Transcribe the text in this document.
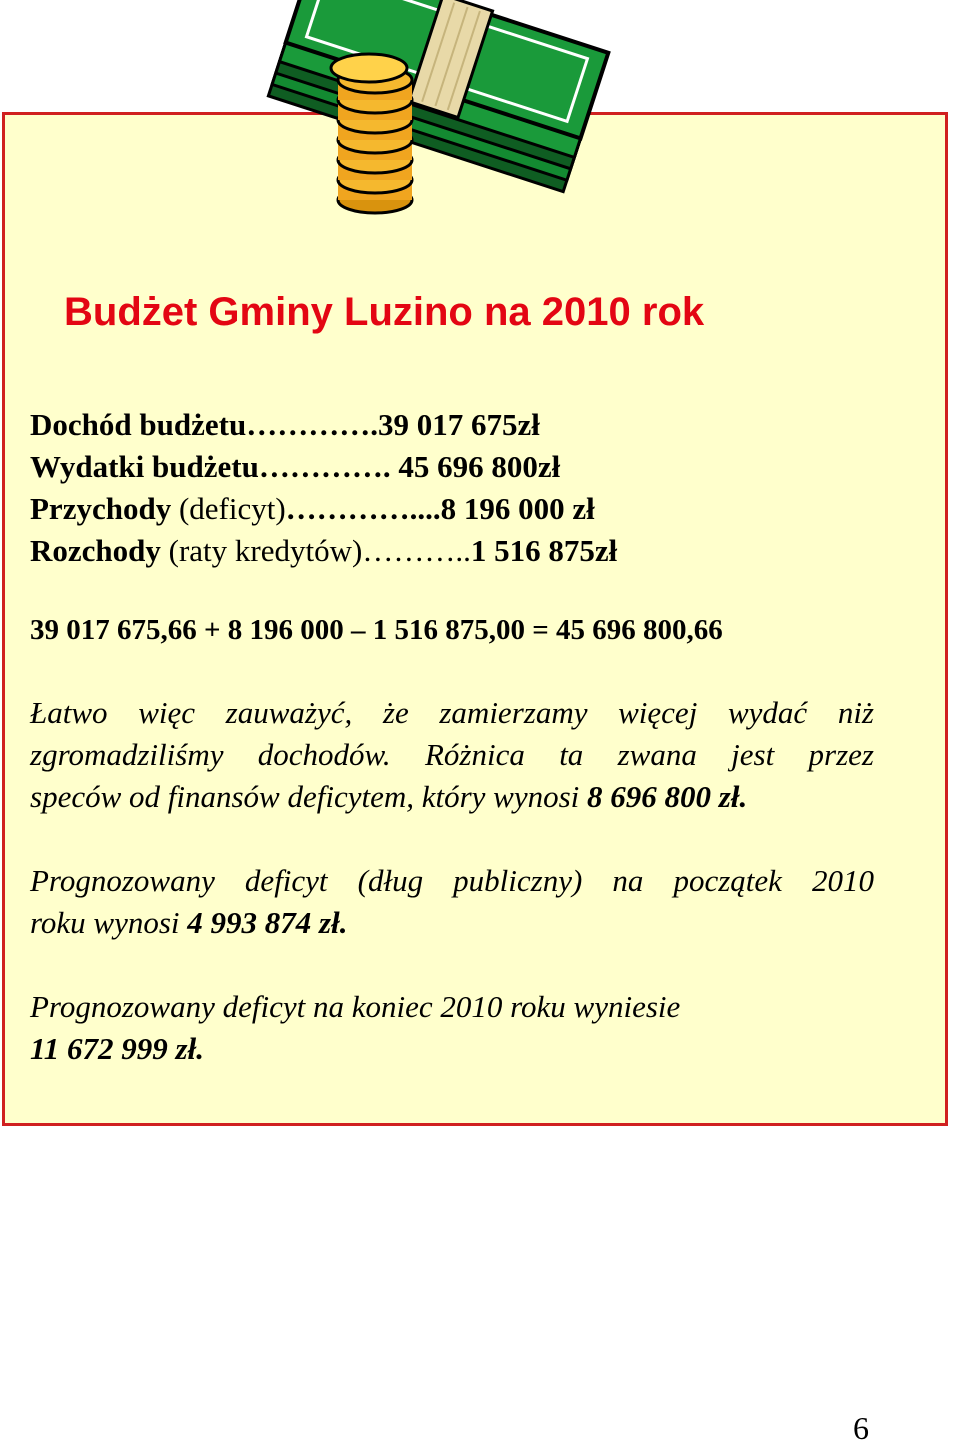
Budżet Gminy Luzino na 2010 rok
Dochód budżetu………….39 017 675zł
Wydatki budżetu…………. 45 696 800zł
Przychody (deficyt)…………....8 196 000 zł
Rozchody (raty kredytów)………..1 516 875zł
39 017 675,66 + 8 196 000 – 1 516 875,00 = 45 696 800,66
Łatwo więc zauważyć, że zamierzamy więcej wydać niż
zgromadziliśmy dochodów. Różnica ta zwana jest przez
speców od finansów deficytem, który wynosi 8 696 800 zł.
Prognozowany deficyt (dług publiczny) na początek 2010
roku wynosi 4 993 874 zł.
Prognozowany deficyt na koniec 2010 roku wyniesie
11 672 999 zł.
6
